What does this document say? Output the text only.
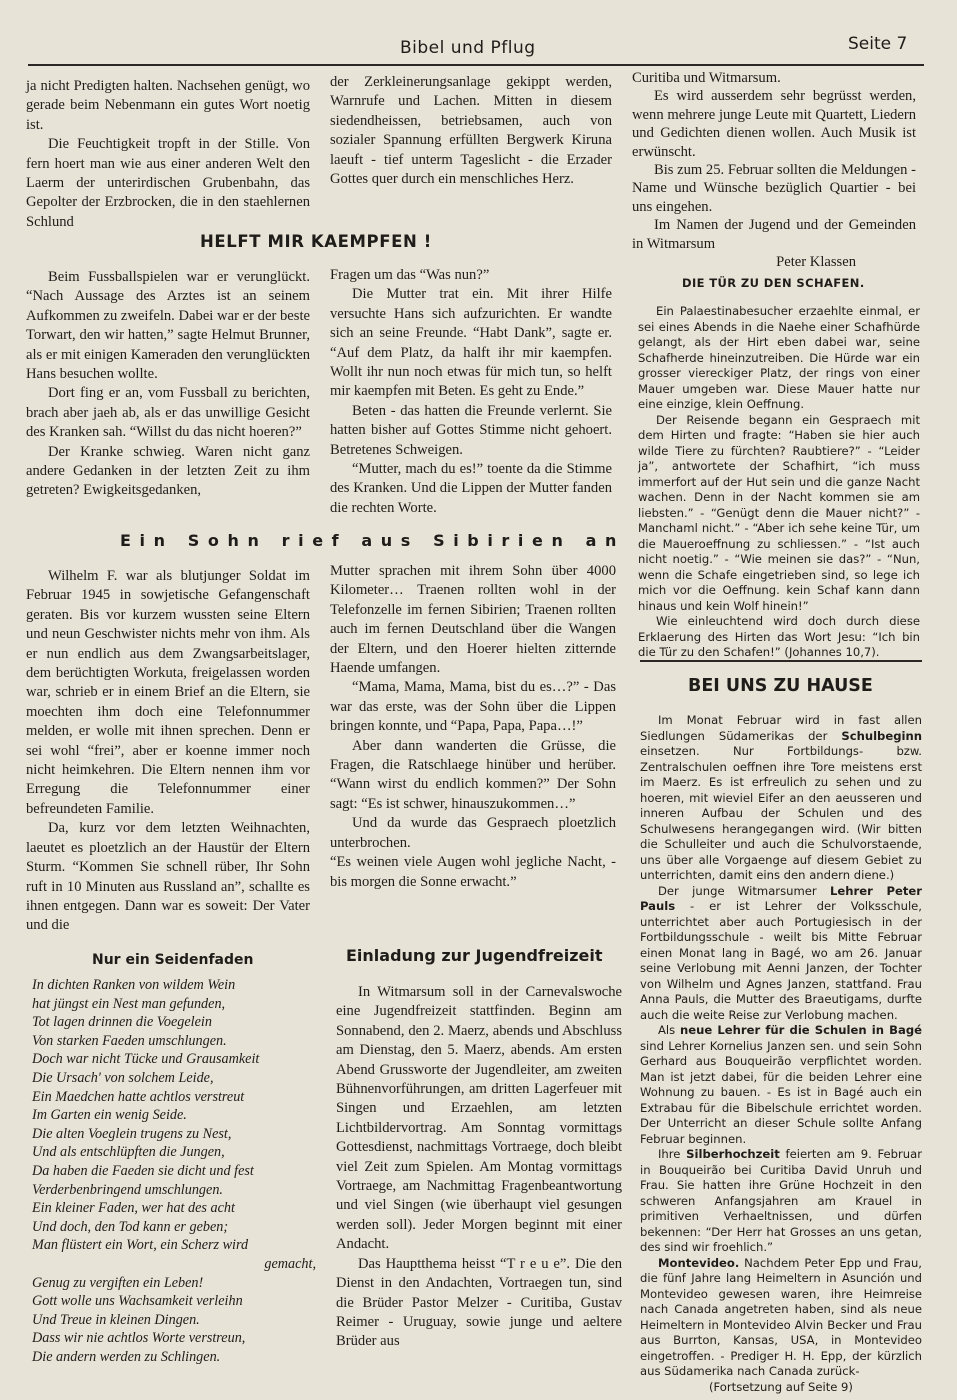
Bibel und Pflug	Seite 7

ja nicht Predigten halten. Nachsehen genügt, wo gerade beim Nebenmann ein gutes Wort noetig ist.

Die Feuchtigkeit tropft in der Stille. Von fern hoert man wie aus einer anderen Welt den Laerm der unterirdischen Grubenbahn, das Gepolter der Erzbrocken, die in den staehlernen Schlund

der Zerkleinerungsanlage gekippt werden, Warnrufe und Lachen. Mitten in diesem siedendheissen, betriebsamen, auch von sozialer Spannung erfüllten Bergwerk Kiruna laeuft - tief unterm Tageslicht - die Erzader Gottes quer durch ein menschliches Herz.

HELFT MIR KAEMPFEN !

Beim Fussballspielen war er verunglückt. “Nach Aussage des Arztes ist an seinem Aufkommen zu zweifeln. Dabei war er der beste Torwart, den wir hatten,” sagte Helmut Brunner, als er mit einigen Kameraden den verunglückten Hans besuchen wollte.

Dort fing er an, vom Fussball zu berichten, brach aber jaeh ab, als er das unwillige Gesicht des Kranken sah. “Willst du das nicht hoeren?”

Der Kranke schwieg. Waren nicht ganz andere Gedanken in der letzten Zeit zu ihm getreten? Ewigkeitsgedanken,

Fragen um das “Was nun?”

Die Mutter trat ein. Mit ihrer Hilfe versuchte Hans sich aufzurichten. Er wandte sich an seine Freunde. “Habt Dank”, sagte er. “Auf dem Platz, da halft ihr mir kaempfen. Wollt ihr nun noch etwas für mich tun, so helft mir kaempfen mit Beten. Es geht zu Ende.”

Beten - das hatten die Freunde verlernt. Sie hatten bisher auf Gottes Stimme nicht gehoert. Betretenes Schweigen.

“Mutter, mach du es!” toente da die Stimme des Kranken. Und die Lippen der Mutter fanden die rechten Worte.

Ein Sohn rief aus Sibirien an

Wilhelm F. war als blutjunger Soldat im Februar 1945 in sowjetische Gefangenschaft geraten. Bis vor kurzem wussten seine Eltern und neun Geschwister nichts mehr von ihm. Als er nun endlich aus dem Zwangsarbeitslager, dem berüchtigten Workuta, freigelassen worden war, schrieb er in einem Brief an die Eltern, sie moechten ihm doch eine Telefonnummer melden, er wolle mit ihnen sprechen. Denn er sei wohl “frei”, aber er koenne immer noch nicht heimkehren. Die Eltern nennen ihm vor Erregung die Telefonnummer einer befreundeten Familie.

Da, kurz vor dem letzten Weihnachten, laeutet es ploetzlich an der Haustür der Eltern Sturm. “Kommen Sie schnell rüber, Ihr Sohn ruft in 10 Minuten aus Russland an”, schallte es ihnen entgegen. Dann war es soweit: Der Vater und die

Mutter sprachen mit ihrem Sohn über 4000 Kilometer… Traenen rollten wohl in der Telefonzelle im fernen Sibirien; Traenen rollten auch im fernen Deutschland über die Wangen der Eltern, und den Hoerer hielten zitternde Haende umfangen.

“Mama, Mama, Mama, bist du es…?” - Das war das erste, was der Sohn über die Lippen bringen konnte, und “Papa, Papa, Papa…!”

Aber dann wanderten die Grüsse, die Fragen, die Ratschlaege hinüber und herüber. “Wann wirst du endlich kommen?” Der Sohn sagt: “Es ist schwer, hinauszukommen…”

Und da wurde das Gespraech ploetzlich unterbrochen.

“Es weinen viele Augen wohl jegliche Nacht, - bis morgen die Sonne erwacht.”

Nur ein Seidenfaden
In dichten Ranken von wildem Wein
hat jüngst ein Nest man gefunden,
Tot lagen drinnen die Voegelein
Von starken Faeden umschlungen.
Doch war nicht Tücke und Grausamkeit
Die Ursach' von solchem Leide,
Ein Maedchen hatte achtlos verstreut
Im Garten ein wenig Seide.
Die alten Voeglein trugens zu Nest,
Und als entschlüpften die Jungen,
Da haben die Faeden sie dicht und fest
Verderbenbringend umschlungen.
Ein kleiner Faden, wer hat des acht
Und doch, den Tod kann er geben;
Man flüstert ein Wort, ein Scherz wird
gemacht,
Genug zu vergiften ein Leben!
Gott wolle uns Wachsamkeit verleihn
Und Treue in kleinen Dingen.
Dass wir nie achtlos Worte verstreun,
Die andern werden zu Schlingen.
Einladung zur Jugendfreizeit

In Witmarsum soll in der Carnevalswoche eine Jugendfreizeit stattfinden. Beginn am Sonnabend, den 2. Maerz, abends und Abschluss am Dienstag, den 5. Maerz, abends. Am ersten Abend Grussworte der Jugendleiter, am zweiten Bühnenvorführungen, am dritten Lagerfeuer mit Singen und Erzaehlen, am letzten Lichtbildervortrag. Am Sonntag vormittags Gottesdienst, nachmittags Vortraege, doch bleibt viel Zeit zum Spielen. Am Montag vormittags Vortraege, am Nachmittag Fragenbeantwortung und viel Singen (wie überhaupt viel gesungen werden soll). Jeder Morgen beginnt mit einer Andacht.

Das Hauptthema heisst “T r e u e”. Die den Dienst in den Andachten, Vortraegen tun, sind die Brüder Pastor Melzer - Curitiba, Gustav Reimer - Uruguay, sowie junge und aeltere Brüder aus

Curitiba und Witmarsum.

Es wird ausserdem sehr begrüsst werden, wenn mehrere junge Leute mit Quartett, Liedern und Gedichten dienen wollen. Auch Musik ist erwünscht.

Bis zum 25. Februar sollten die Meldungen - Name und Wünsche bezüglich Quartier - bei uns eingehen.

Im Namen der Jugend und der Gemeinden in Witmarsum

Peter Klassen

DIE TÜR ZU DEN SCHAFEN.

Ein Palaestinabesucher erzaehlte einmal, er sei eines Abends in die Naehe einer Schafhürde gelangt, als der Hirt eben dabei war, seine Schafherde hineinzutreiben. Die Hürde war ein grosser viereckiger Platz, der rings von einer Mauer umgeben war. Diese Mauer hatte nur eine einzige, klein Oeffnung.

Der Reisende begann ein Gespraech mit dem Hirten und fragte: “Haben sie hier auch wilde Tiere zu fürchten? Raubtiere?” - “Leider ja”, antwortete der Schafhirt, “ich muss immerfort auf der Hut sein und die ganze Nacht wachen. Denn in der Nacht kommen sie am liebsten.” - “Genügt denn die Mauer nicht?” - Manchaml nicht.” - “Aber ich sehe keine Tür, um die Maueroeffnung zu schliessen.” - “Ist auch nicht noetig.” - “Wie meinen sie das?” - “Nun, wenn die Schafe eingetrieben sind, so lege ich mich vor die Oeffnung. kein Schaf kann dann hinaus und kein Wolf hinein!”

Wie einleuchtend wird doch durch diese Erklaerung des Hirten das Wort Jesu: “Ich bin die Tür zu den Schafen!” (Johannes 10,7).

BEI UNS ZU HAUSE

Im Monat Februar wird in fast allen Siedlungen Südamerikas der Schulbeginn einsetzen. Nur Fortbildungs- bzw. Zentralschulen oeffnen ihre Tore meistens erst im Maerz. Es ist erfreulich zu sehen und zu hoeren, mit wieviel Eifer an den aeusseren und inneren Aufbau der Schulen und des Schulwesens herangegangen wird. (Wir bitten die Schulleiter und auch die Schulvorstaende, uns über alle Vorgaenge auf diesem Gebiet zu unterrichten, damit eins den andern diene.)

Der junge Witmarsumer Lehrer Peter Pauls - er ist Lehrer der Volksschule, unterrichtet aber auch Portugiesisch in der Fortbildungsschule - weilt bis Mitte Februar einen Monat lang in Bagé, wo am 26. Januar seine Verlobung mit Aenni Janzen, der Tochter von Wilhelm und Agnes Janzen, stattfand. Frau Anna Pauls, die Mutter des Braeutigams, durfte auch die weite Reise zur Verlobung machen.

Als neue Lehrer für die Schulen in Bagé sind Lehrer Kornelius Janzen sen. und sein Sohn Gerhard aus Bouqueirão verpflichtet worden. Man ist jetzt dabei, für die beiden Lehrer eine Wohnung zu bauen. - Es ist in Bagé auch ein Extrabau für die Bibelschule errichtet worden. Der Unterricht an dieser Schule sollte Anfang Februar beginnen.

Ihre Silberhochzeit feierten am 9. Februar in Bouqueirão bei Curitiba David Unruh und Frau. Sie hatten ihre Grüne Hochzeit in den schweren Anfangsjahren am Krauel in primitiven Verhaeltnissen, und dürfen bekennen: “Der Herr hat Grosses an uns getan, des sind wir froehlich.”

Montevideo. Nachdem Peter Epp und Frau, die fünf Jahre lang Heimeltern in Asunción und Montevideo gewesen waren, ihre Heimreise nach Canada angetreten haben, sind als neue Heimeltern in Montevideo Alvin Becker und Frau aus Burrton, Kansas, USA, in Montevideo eingetroffen. - Prediger H. H. Epp, der kürzlich aus Südamerika nach Canada zurück-

(Fortsetzung auf Seite 9)
